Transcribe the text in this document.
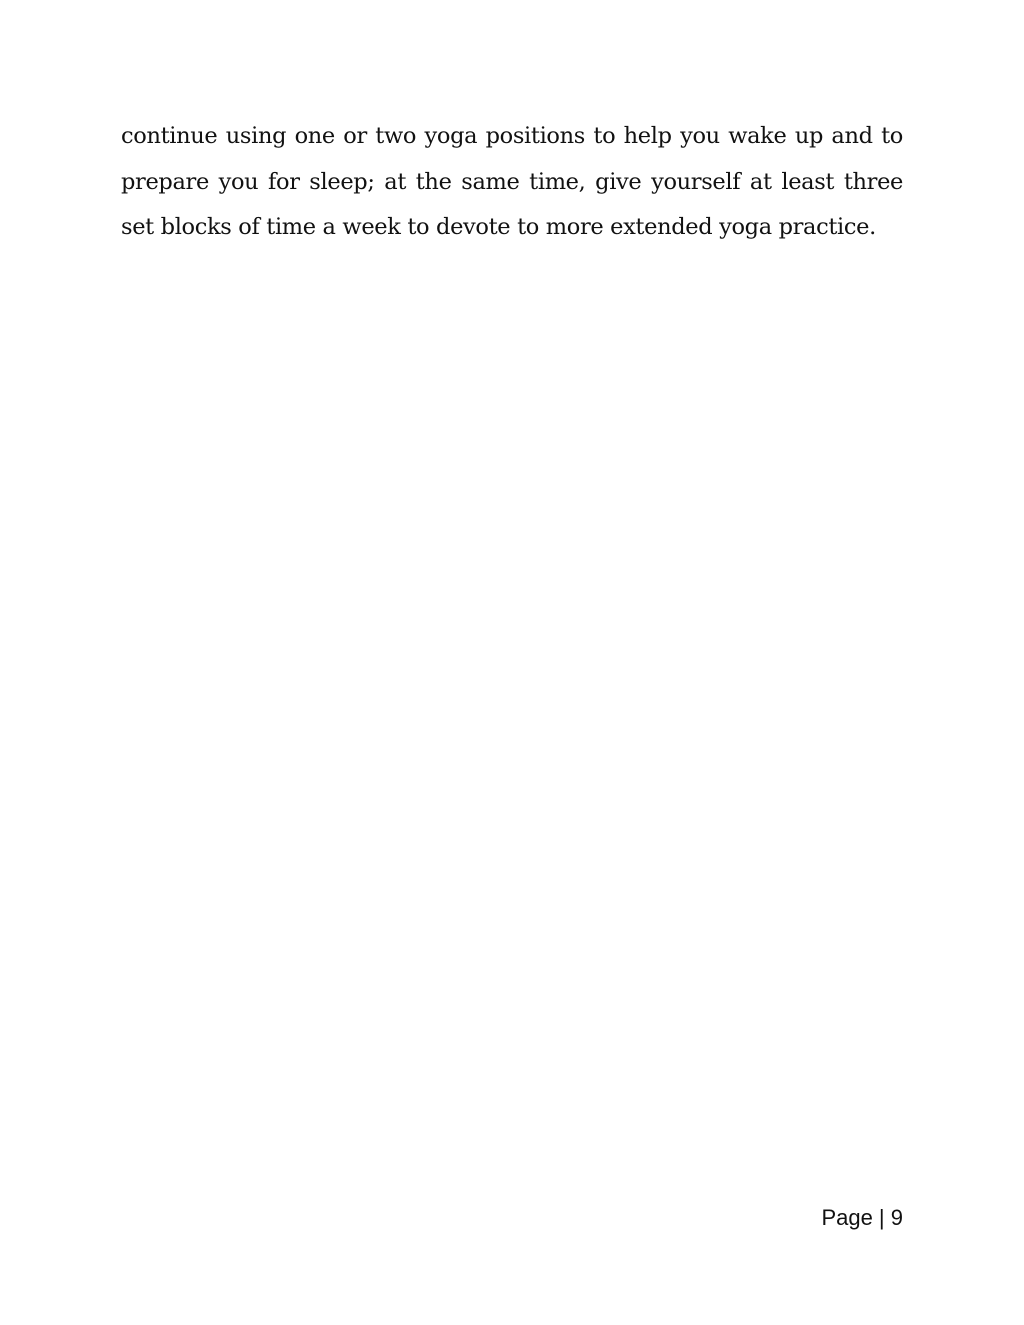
continue using one or two yoga positions to help you wake up and to prepare you for sleep; at the same time, give yourself at least three set blocks of time a week to devote to more extended yoga practice.

Page | 9
